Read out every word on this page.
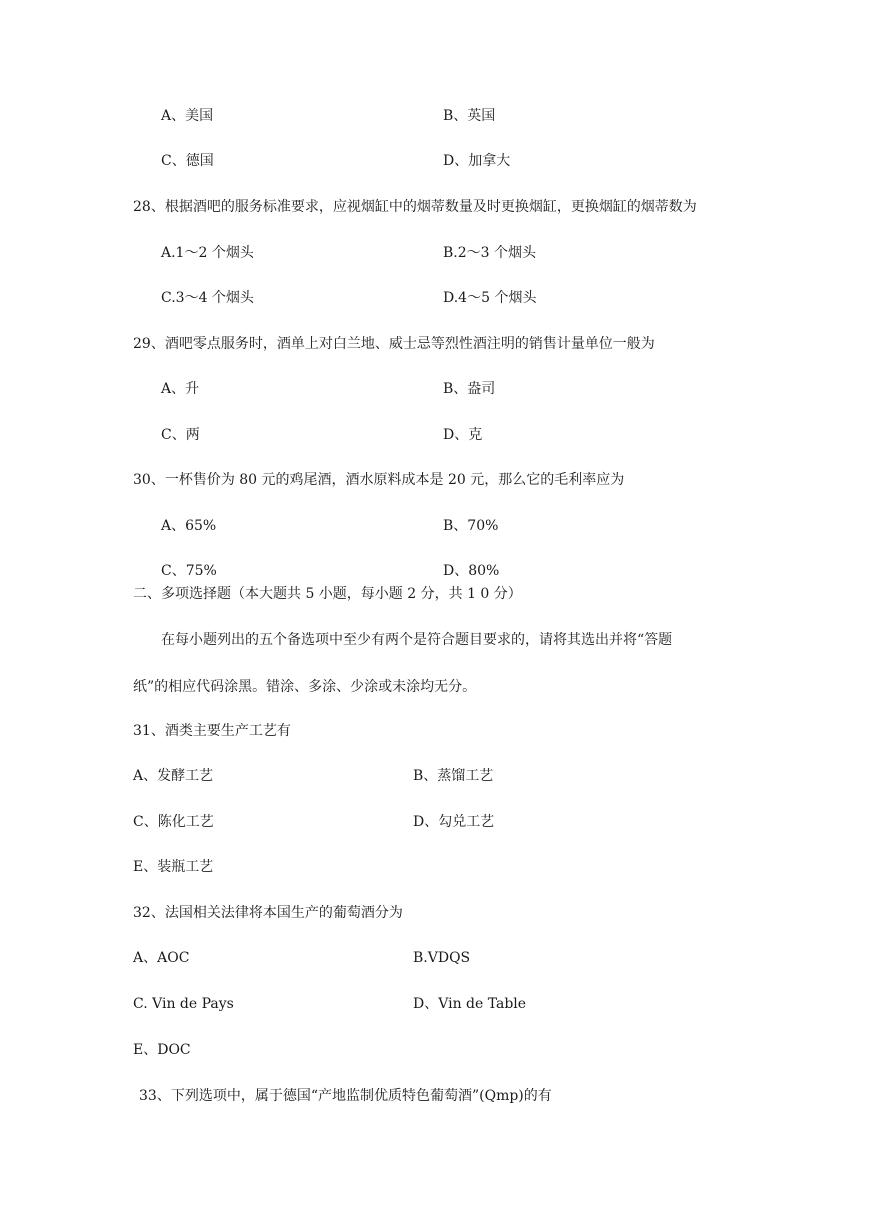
A、美国	B、英国
C、德国	D、加拿大
28、根据酒吧的服务标准要求，应视烟缸中的烟蒂数量及时更换烟缸，更换烟缸的烟蒂数为
A.1～2 个烟头	B.2～3 个烟头
C.3～4 个烟头	D.4～5 个烟头
29、酒吧零点服务时，酒单上对白兰地、威士忌等烈性酒注明的销售计量单位一般为
A、升	B、盎司
C、两	D、克
30、一杯售价为 80 元的鸡尾酒，酒水原料成本是 20 元，那么它的毛利率应为
A、65%	B、70%
C、75%	D、80%
二、多项选择题（本大题共 5 小题，每小题 2 分，共 1 0 分）
在每小题列出的五个备选项中至少有两个是符合题目要求的，请将其选出并将“答题
纸”的相应代码涂黑。错涂、多涂、少涂或未涂均无分。
31、酒类主要生产工艺有
A、发酵工艺	B、蒸馏工艺
C、陈化工艺	D、勾兑工艺
E、装瓶工艺
32、法国相关法律将本国生产的葡萄酒分为
A、AOC	B.VDQS
C. Vin de Pays	D、Vin de Table
E、DOC
33、下列选项中，属于德国“产地监制优质特色葡萄酒”(Qmp)的有
